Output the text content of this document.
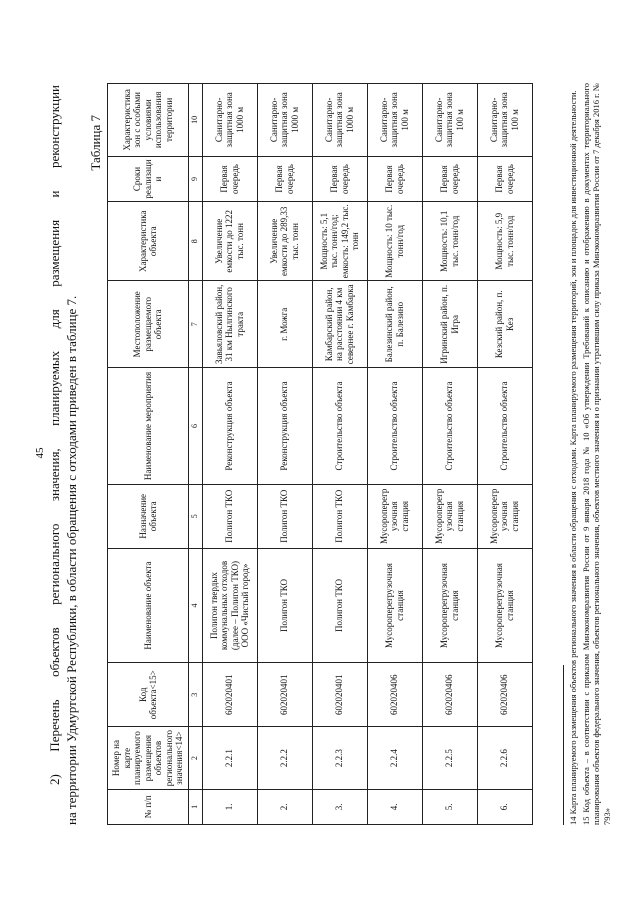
45 2) Перечень объектов регионального значения, планируемых для размещения и реконструкции на территории Удмуртской Республики, в области обращения с отходами приведен в таблице 7.
Таблица 7
№ п/п	Номер на карте планируемого размещения объектов регионального значения<14>	Код объекта<15>	Наименование объекта	Назначение объекта	Наименование мероприятия	Местоположение размещаемого объекта	Характеристика объекта	Сроки реализации	Характеристика зон с особыми условиями использования территории
1	2	3	4	5	6	7	8	9	10
1.	2.2.1	602020401	Полигон твердых коммунальных отходов (далее – Полигон ТКО) ООО «Чистый город»	Полигон ТКО	Реконструкция объекта	Завьяловский район, 31 км Нылгинского тракта	Увеличение емкости до 1222 тыс. тонн	Первая очередь	Санитарно-защитная зона 1000 м
2.	2.2.2	602020401	Полигон ТКО	Полигон ТКО	Реконструкция объекта	г. Можга	Увеличение емкости до 289,33 тыс. тонн	Первая очередь	Санитарно-защитная зона 1000 м
3.	2.2.3	602020401	Полигон ТКО	Полигон ТКО	Строительство объекта	Камбарский район, на расстоянии 4 км севернее г. Камбарка	Мощность: 5,1 тыс. тонн/год; емкость: 149,2 тыс. тонн	Первая очередь	Санитарно-защитная зона 1000 м
4.	2.2.4	602020406	Мусороперегрузочная станция	Мусороперегрузочная станция	Строительство объекта	Балезинский район, п. Балезино	Мощность: 10 тыс. тонн/год	Первая очередь	Санитарно-защитная зона 100 м
5.	2.2.5	602020406	Мусороперегрузочная станция	Мусороперегрузочная станция	Строительство объекта	Игринский район, п. Игра	Мощность: 10,1 тыс. тонн/год	Первая очередь	Санитарно-защитная зона 100 м
6.	2.2.6	602020406	Мусороперегрузочная станция	Мусороперегрузочная станция	Строительство объекта	Кезский район, п. Кез	Мощность: 5,9 тыс. тонн/год	Первая очередь	Санитарно-защитная зона 100 м	14 Карта планируемого размещения объектов регионального значения в области обращения с отходами. Карта планируемого размещения территорий, зон и площадок для инвестиционной деятельности. 15 Код объекта – в соответствии с приказом Минэкономразвития России от 9 января 2018 года № 10 «Об утверждении Требований к описанию и отображению в документах территориального планирования объектов федерального значения, объектов регионального значения, объектов местного значения и о признании утратившим силу приказа Минэкономразвития России от 7 декабря 2016 г. № 793»
